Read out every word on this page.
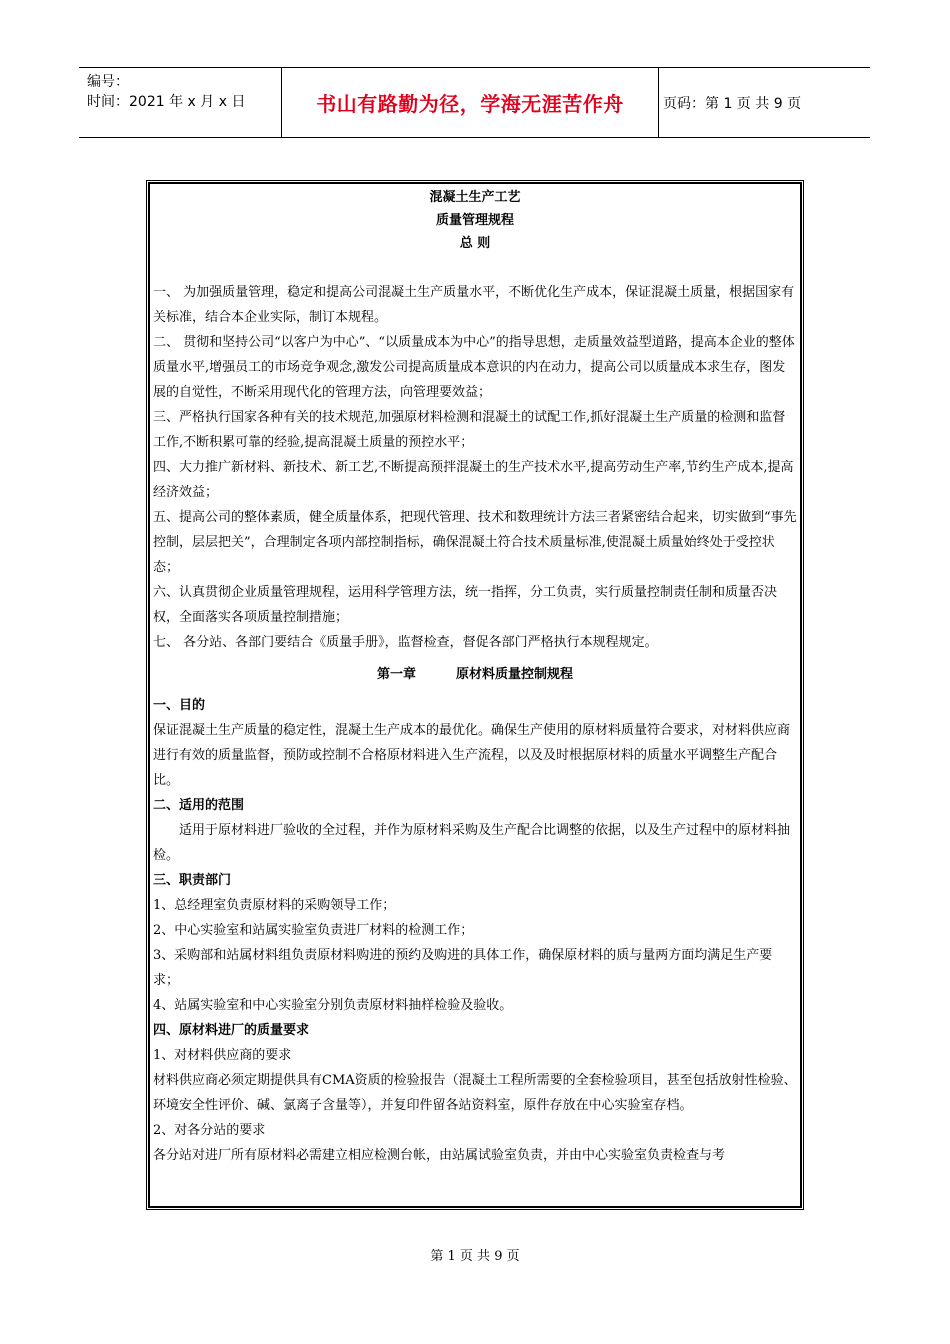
编号：
时间：2021 年 x 月 x 日	书山有路勤为径，学海无涯苦作舟	页码：第 1 页 共 9 页
混凝土生产工艺
质量管理规程
总 则

一、 为加强质量管理，稳定和提高公司混凝土生产质量水平，不断优化生产成本，保证混凝土质量，根据国家有关标准，结合本企业实际，制订本规程。

二、 贯彻和坚持公司“以客户为中心”、“以质量成本为中心”的指导思想，走质量效益型道路，提高本企业的整体质量水平,增强员工的市场竞争观念,激发公司提高质量成本意识的内在动力，提高公司以质量成本求生存，图发展的自觉性，不断采用现代化的管理方法，向管理要效益；

三、严格执行国家各种有关的技术规范,加强原材料检测和混凝土的试配工作,抓好混凝土生产质量的检测和监督工作,不断积累可靠的经验,提高混凝土质量的预控水平；

四、大力推广新材料、新技术、新工艺,不断提高预拌混凝土的生产技术水平,提高劳动生产率,节约生产成本,提高经济效益；

五、提高公司的整体素质，健全质量体系，把现代管理、技术和数理统计方法三者紧密结合起来，切实做到“事先控制，层层把关”，合理制定各项内部控制指标，确保混凝土符合技术质量标准,使混凝土质量始终处于受控状态；

六、认真贯彻企业质量管理规程，运用科学管理方法，统一指挥，分工负责，实行质量控制责任制和质量否决权，全面落实各项质量控制措施；

七、 各分站、各部门要结合《质量手册》，监督检查，督促各部门严格执行本规程规定。

第一章	原材料质量控制规程

一、目的

保证混凝土生产质量的稳定性，混凝土生产成本的最优化。确保生产使用的原材料质量符合要求，对材料供应商进行有效的质量监督，预防或控制不合格原材料进入生产流程，以及及时根据原材料的质量水平调整生产配合比。

二、适用的范围

适用于原材料进厂验收的全过程，并作为原材料采购及生产配合比调整的依据，以及生产过程中的原材料抽检。

三、职责部门

1、总经理室负责原材料的采购领导工作；

2、中心实验室和站属实验室负责进厂材料的检测工作；

3、采购部和站属材料组负责原材料购进的预约及购进的具体工作，确保原材料的质与量两方面均满足生产要求；

4、站属实验室和中心实验室分别负责原材料抽样检验及验收。

四、原材料进厂的质量要求

1、对材料供应商的要求

材料供应商必须定期提供具有CMA资质的检验报告（混凝土工程所需要的全套检验项目，甚至包括放射性检验、环境安全性评价、碱、氯离子含量等），并复印件留各站资料室，原件存放在中心实验室存档。

2、对各分站的要求

各分站对进厂所有原材料必需建立相应检测台帐，由站属试验室负责，并由中心实验室负责检查与考

第 1 页 共 9 页
